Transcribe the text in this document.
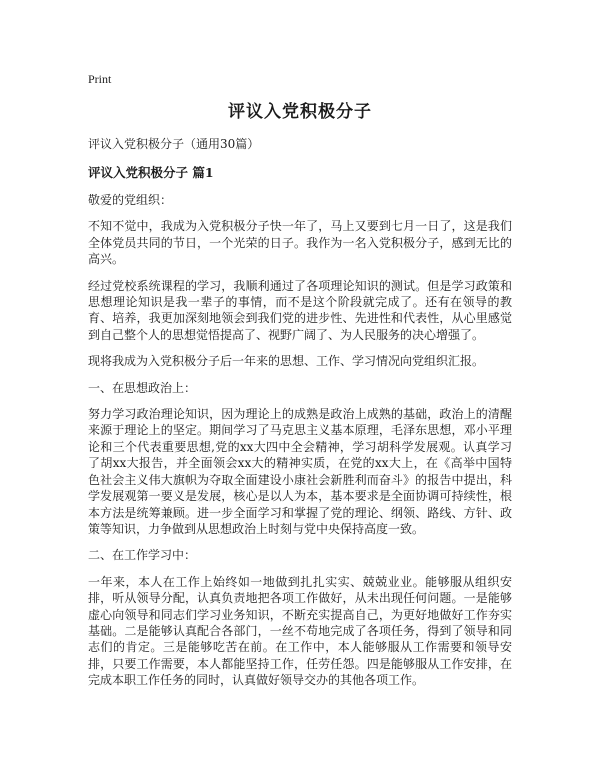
Print

评议入党积极分子

评议入党积极分子（通用30篇）

评议入党积极分子 篇1

敬爱的党组织：

不知不觉中，我成为入党积极分子快一年了，马上又要到七月一日了，这是我们全体党员共同的节日，一个光荣的日子。我作为一名入党积极分子，感到无比的高兴。

经过党校系统课程的学习，我顺利通过了各项理论知识的测试。但是学习政策和思想理论知识是我一辈子的事情，而不是这个阶段就完成了。还有在领导的教育、培养，我更加深刻地领会到我们党的进步性、先进性和代表性，从心里感觉到自己整个人的思想觉悟提高了、视野广阔了、为人民服务的决心增强了。

现将我成为入党积极分子后一年来的思想、工作、学习情况向党组织汇报。

一、在思想政治上：

努力学习政治理论知识，因为理论上的成熟是政治上成熟的基础，政治上的清醒来源于理论上的坚定。期间学习了马克思主义基本原理，毛泽东思想，邓小平理论和三个代表重要思想,党的xx大四中全会精神，学习胡科学发展观。认真学习了胡xx大报告，并全面领会xx大的精神实质，在党的xx大上，在《高举中国特色社会主义伟大旗帜为夺取全面建设小康社会新胜利而奋斗》的报告中提出，科学发展观第一要义是发展，核心是以人为本，基本要求是全面协调可持续性，根本方法是统筹兼顾。进一步全面学习和掌握了党的理论、纲领、路线、方针、政策等知识，力争做到从思想政治上时刻与党中央保持高度一致。

二、在工作学习中：

一年来，本人在工作上始终如一地做到扎扎实实、兢兢业业。能够服从组织安排，听从领导分配，认真负责地把各项工作做好，从未出现任何问题。一是能够虚心向领导和同志们学习业务知识，不断充实提高自己，为更好地做好工作夯实基础。二是能够认真配合各部门，一丝不苟地完成了各项任务，得到了领导和同志们的肯定。三是能够吃苦在前。在工作中，本人能够服从工作需要和领导安排，只要工作需要，本人都能坚持工作，任劳任怨。四是能够服从工作安排，在完成本职工作任务的同时，认真做好领导交办的其他各项工作。
